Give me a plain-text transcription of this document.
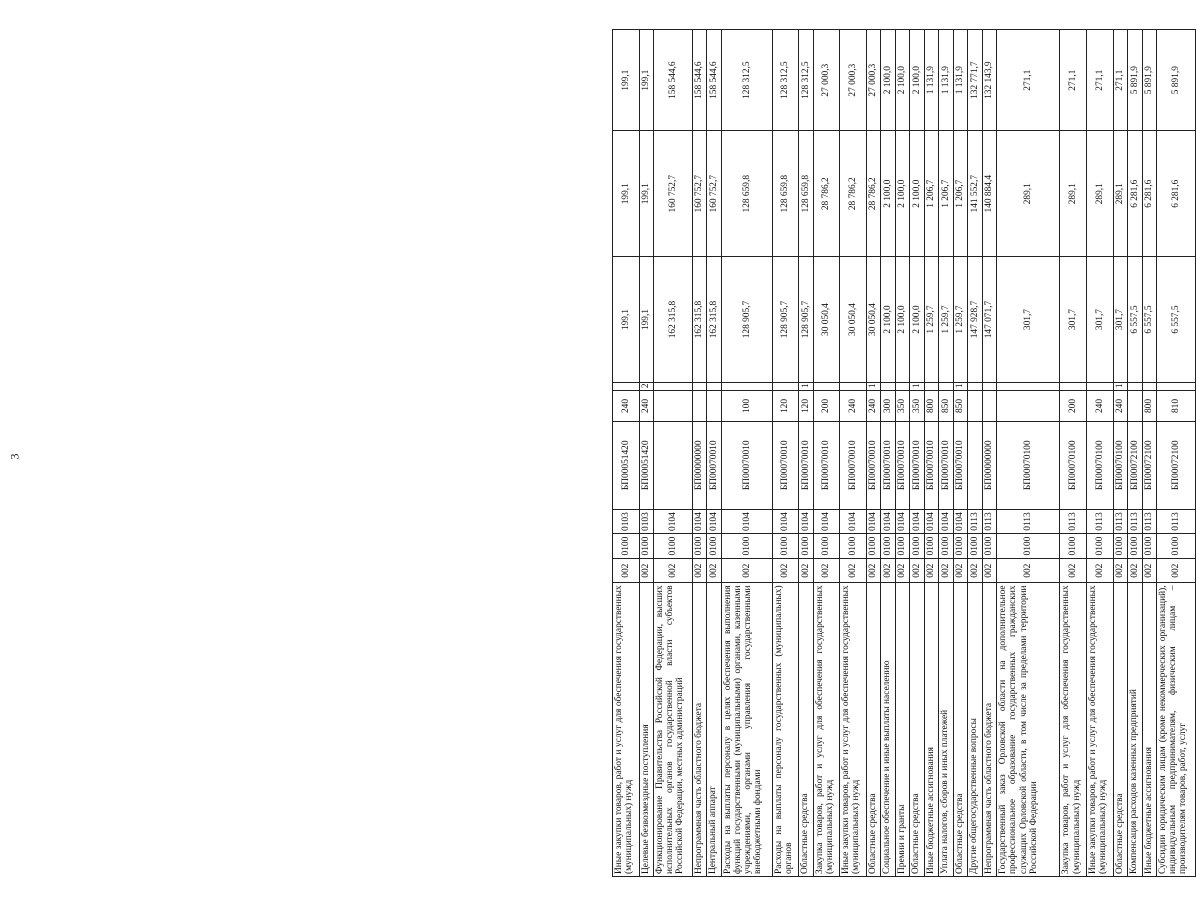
3
Иные закупки товаров, работ и услуг для обеспечения государственных (муниципальных) нужд	002	0100	0103	БП00051420	240		199,1	199,1	199,1
Целевые безвозмездные поступления	002	0100	0103	БП00051420	240	2	199,1	199,1	199,1
Функционирование Правительства Российской Федерации, высших исполнительных органов государственной власти субъектов Российской Федерации, местных администраций	002	0100	0104				162 315,8	160 752,7	158 544,6
Непрограммная часть областного бюджета	002	0100	0104	БП00000000			162 315,8	160 752,7	158 544,6
Центральный аппарат	002	0100	0104	БП00070010			162 315,8	160 752,7	158 544,6
Расходы на выплаты персоналу в целях обеспечения выполнения функций государственными (муниципальными) органами, казенными учреждениями, органами управления государственными внебюджетными фондами	002	0100	0104	БП00070010	100		128 905,7	128 659,8	128 312,5
Расходы на выплаты персоналу государственных (муниципальных) органов	002	0100	0104	БП00070010	120		128 905,7	128 659,8	128 312,5
Областные средства	002	0100	0104	БП00070010	120	1	128 905,7	128 659,8	128 312,5
Закупка товаров, работ и услуг для обеспечения государственных (муниципальных) нужд	002	0100	0104	БП00070010	200		30 050,4	28 786,2	27 000,3
Иные закупки товаров, работ и услуг для обеспечения государственных (муниципальных) нужд	002	0100	0104	БП00070010	240		30 050,4	28 786,2	27 000,3
Областные средства	002	0100	0104	БП00070010	240	1	30 050,4	28 786,2	27 000,3
Социальное обеспечение и иные выплаты населению	002	0100	0104	БП00070010	300		2 100,0	2 100,0	2 100,0
Премии и гранты	002	0100	0104	БП00070010	350		2 100,0	2 100,0	2 100,0
Областные средства	002	0100	0104	БП00070010	350	1	2 100,0	2 100,0	2 100,0
Иные бюджетные ассигнования	002	0100	0104	БП00070010	800		1 259,7	1 206,7	1 131,9
Уплата налогов, сборов и иных платежей	002	0100	0104	БП00070010	850		1 259,7	1 206,7	1 131,9
Областные средства	002	0100	0104	БП00070010	850	1	1 259,7	1 206,7	1 131,9
Другие общегосударственные вопросы	002	0100	0113				147 928,7	141 552,7	132 771,7
Непрограммная часть областного бюджета	002	0100	0113	БП00000000			147 071,7	140 884,4	132 143,9
Государственный заказ Орловской области на дополнительное профессиональное образование государственных гражданских служащих Орловской области, в том числе за пределами территории Российской Федерации	002	0100	0113	БП00070100			301,7	289,1	271,1
Закупка товаров, работ и услуг для обеспечения государственных (муниципальных) нужд	002	0100	0113	БП00070100	200		301,7	289,1	271,1
Иные закупки товаров, работ и услуг для обеспечения государственных (муниципальных) нужд	002	0100	0113	БП00070100	240		301,7	289,1	271,1
Областные средства	002	0100	0113	БП00070100	240	1	301,7	289,1	271,1
Компенсация расходов казенных предприятий	002	0100	0113	БП00072100			6 557,5	6 281,6	5 891,9
Иные бюджетные ассигнования	002	0100	0113	БП00072100	800		6 557,5	6 281,6	5 891,9
Субсидии юридическим лицам (кроме некоммерческих организаций), индивидуальным предпринимателям, физическим лицам – производителям товаров, работ, услуг	002	0100	0113	БП00072100	810		6 557,5	6 281,6	5 891,9
